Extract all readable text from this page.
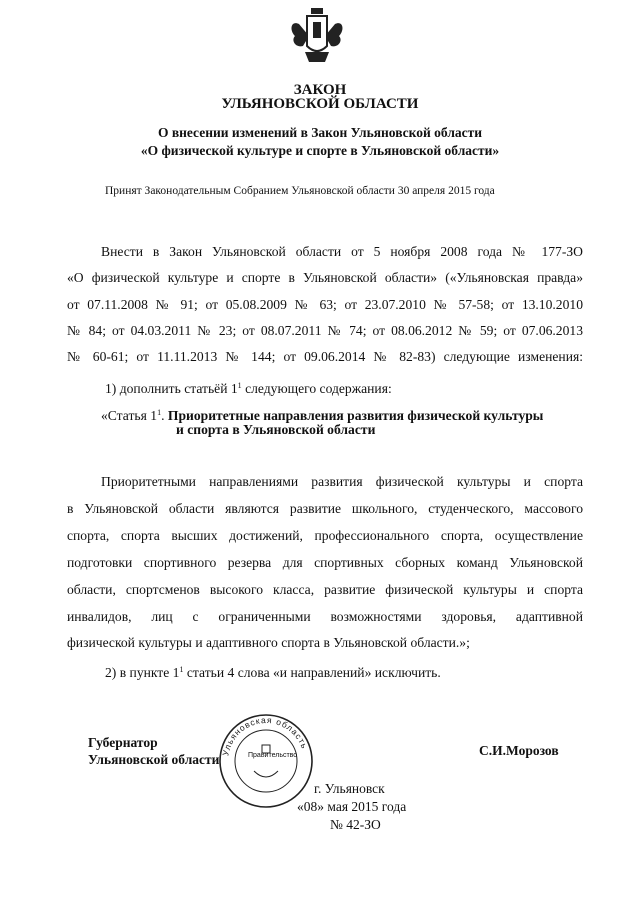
ЗАКОН
УЛЬЯНОВСКОЙ ОБЛАСТИ
О внесении изменений в Закон Ульяновской области
«О физической культуре и спорте в Ульяновской области»
Принят Законодательным Собранием Ульяновской области 30 апреля 2015 года
Внести в Закон Ульяновской области от 5 ноября 2008 года № 177-ЗО
«О физической культуре и спорте в Ульяновской области» («Ульяновская правда»
от 07.11.2008 № 91; от 05.08.2009 № 63; от 23.07.2010 № 57-58; от 13.10.2010
№ 84; от 04.03.2011 № 23; от 08.07.2011 № 74; от 08.06.2012 № 59; от 07.06.2013
№ 60-61; от 11.11.2013 № 144; от 09.06.2014 № 82-83) следующие изменения:
1) дополнить статьёй $1^1$ следующего содержания:
«Статья $1^1$. Приоритетные направления развития физической культуры
и спорта в Ульяновской области
Приоритетными направлениями развития физической культуры и спорта
в Ульяновской области являются развитие школьного, студенческого, массового
спорта, спорта высших достижений, профессионального спорта, осуществление
подготовки спортивного резерва для спортивных сборных команд Ульяновской
области, спортсменов высокого класса, развитие физической культуры и спорта
инвалидов, лиц с ограниченными возможностями здоровья, адаптивной
физической культуры и адаптивного спорта в Ульяновской области.»;
2) в пункте $1^1$ статьи 4 слова «и направлений» исключить.
Ульяновская область
Правительство
Губернатор
Ульяновской области
С.И.Морозов
г. Ульяновск
«08» мая 2015 года
№ 42-ЗО
